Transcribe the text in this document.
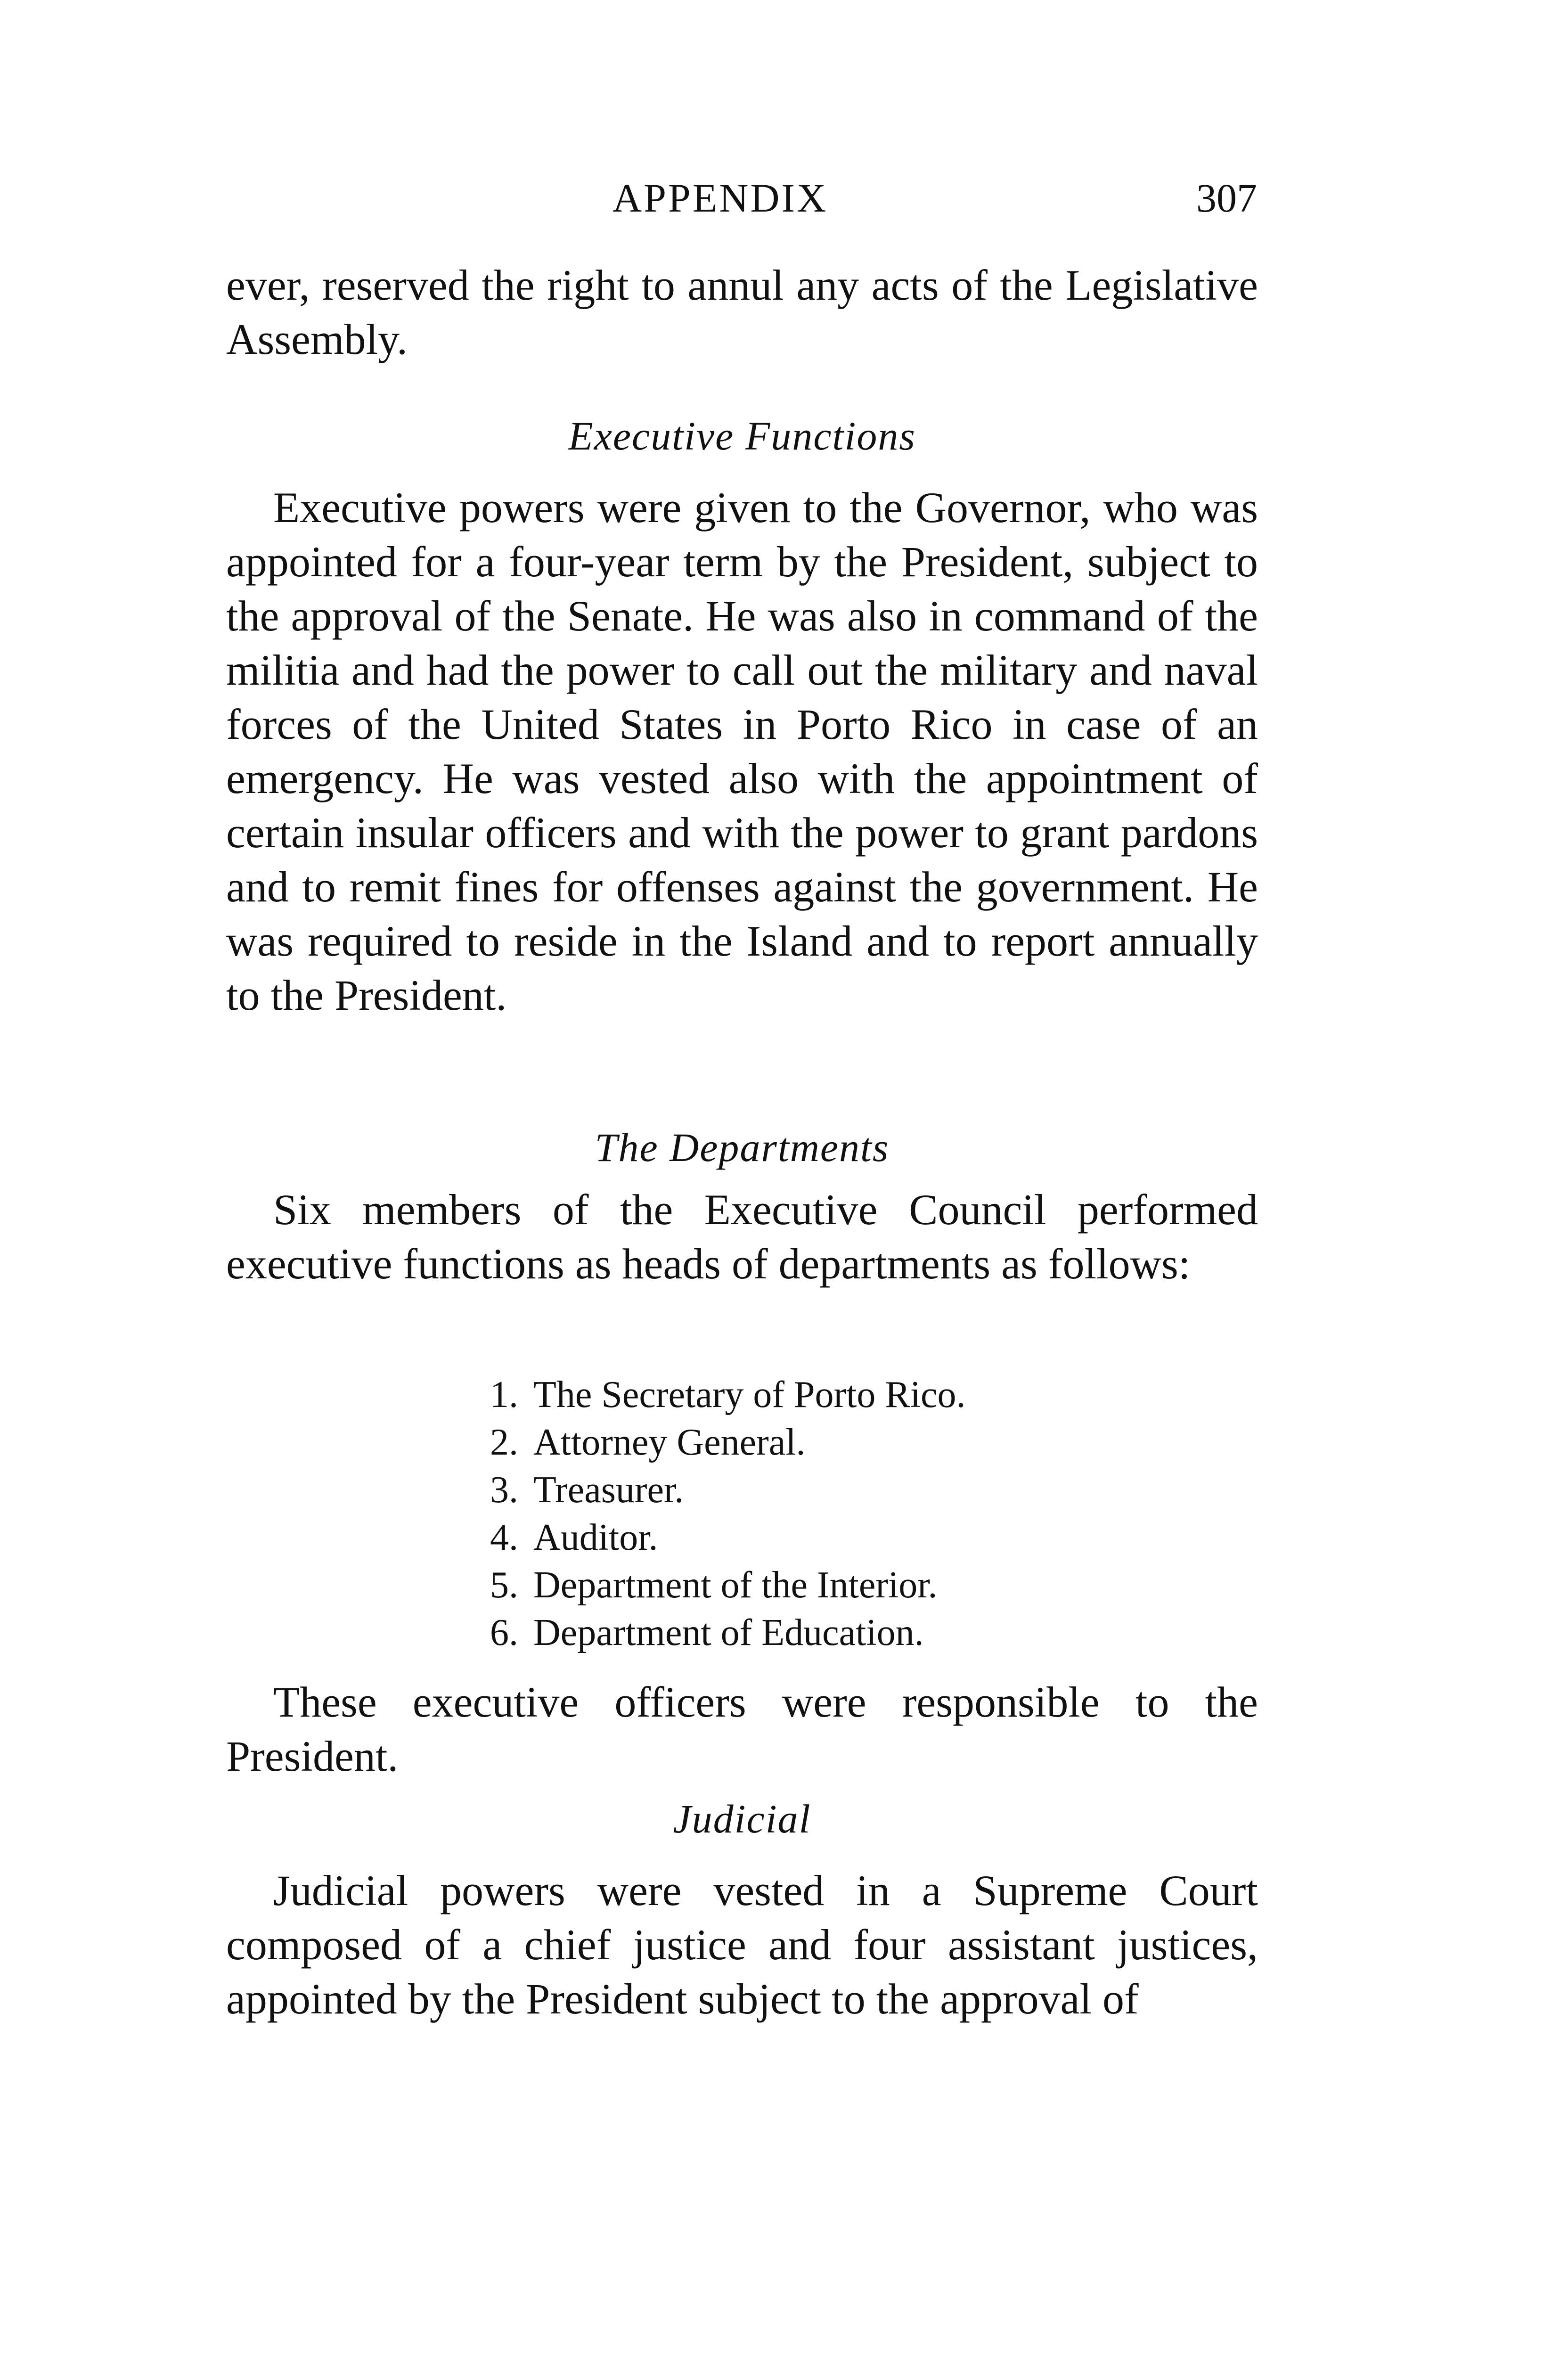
APPENDIX	307

ever, reserved the right to annul any acts of the Legislative Assembly.

Executive Functions

Executive powers were given to the Governor, who was appointed for a four-year term by the President, subject to the approval of the Senate. He was also in command of the militia and had the power to call out the military and naval forces of the United States in Porto Rico in case of an emergency. He was vested also with the appointment of certain insular officers and with the power to grant pardons and to remit fines for offenses against the government. He was required to reside in the Island and to report annually to the President.

The Departments

Six members of the Executive Council performed executive functions as heads of departments as follows:

1. The Secretary of Porto Rico.
2. Attorney General.
3. Treasurer.
4. Auditor.
5. Department of the Interior.
6. Department of Education.

These executive officers were responsible to the President.

Judicial

Judicial powers were vested in a Supreme Court composed of a chief justice and four assistant justices, appointed by the President subject to the approval of
